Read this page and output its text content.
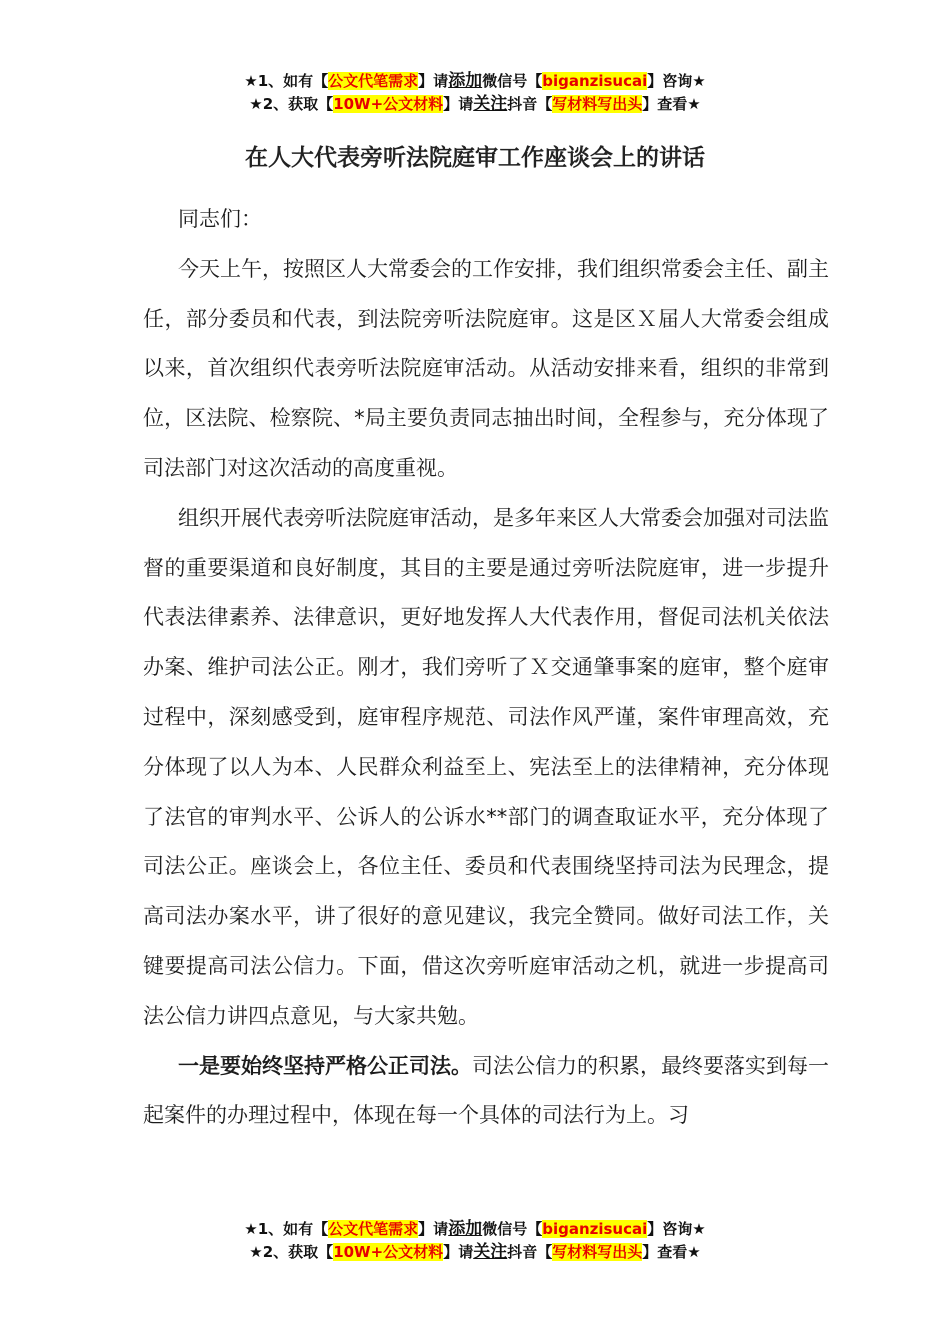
★1、如有【公文代笔需求】请添加微信号【biganzisucai】咨询★
★2、获取【10W+公文材料】请关注抖音【写材料写出头】查看★
在人大代表旁听法院庭审工作座谈会上的讲话

同志们：

今天上午，按照区人大常委会的工作安排，我们组织常委会主任、副主任，部分委员和代表，到法院旁听法院庭审。这是区Ｘ届人大常委会组成以来，首次组织代表旁听法院庭审活动。从活动安排来看，组织的非常到位，区法院、检察院、*局主要负责同志抽出时间，全程参与，充分体现了司法部门对这次活动的高度重视。

组织开展代表旁听法院庭审活动，是多年来区人大常委会加强对司法监督的重要渠道和良好制度，其目的主要是通过旁听法院庭审，进一步提升代表法律素养、法律意识，更好地发挥人大代表作用，督促司法机关依法办案、维护司法公正。刚才，我们旁听了Ｘ交通肇事案的庭审，整个庭审过程中，深刻感受到，庭审程序规范、司法作风严谨，案件审理高效，充分体现了以人为本、人民群众利益至上、宪法至上的法律精神，充分体现了法官的审判水平、公诉人的公诉水**部门的调查取证水平，充分体现了司法公正。座谈会上，各位主任、委员和代表围绕坚持司法为民理念，提高司法办案水平，讲了很好的意见建议，我完全赞同。做好司法工作，关键要提高司法公信力。下面，借这次旁听庭审活动之机，就进一步提高司法公信力讲四点意见，与大家共勉。

一是要始终坚持严格公正司法。司法公信力的积累，最终要落实到每一起案件的办理过程中，体现在每一个具体的司法行为上。习

★1、如有【公文代笔需求】请添加微信号【biganzisucai】咨询★
★2、获取【10W+公文材料】请关注抖音【写材料写出头】查看★
